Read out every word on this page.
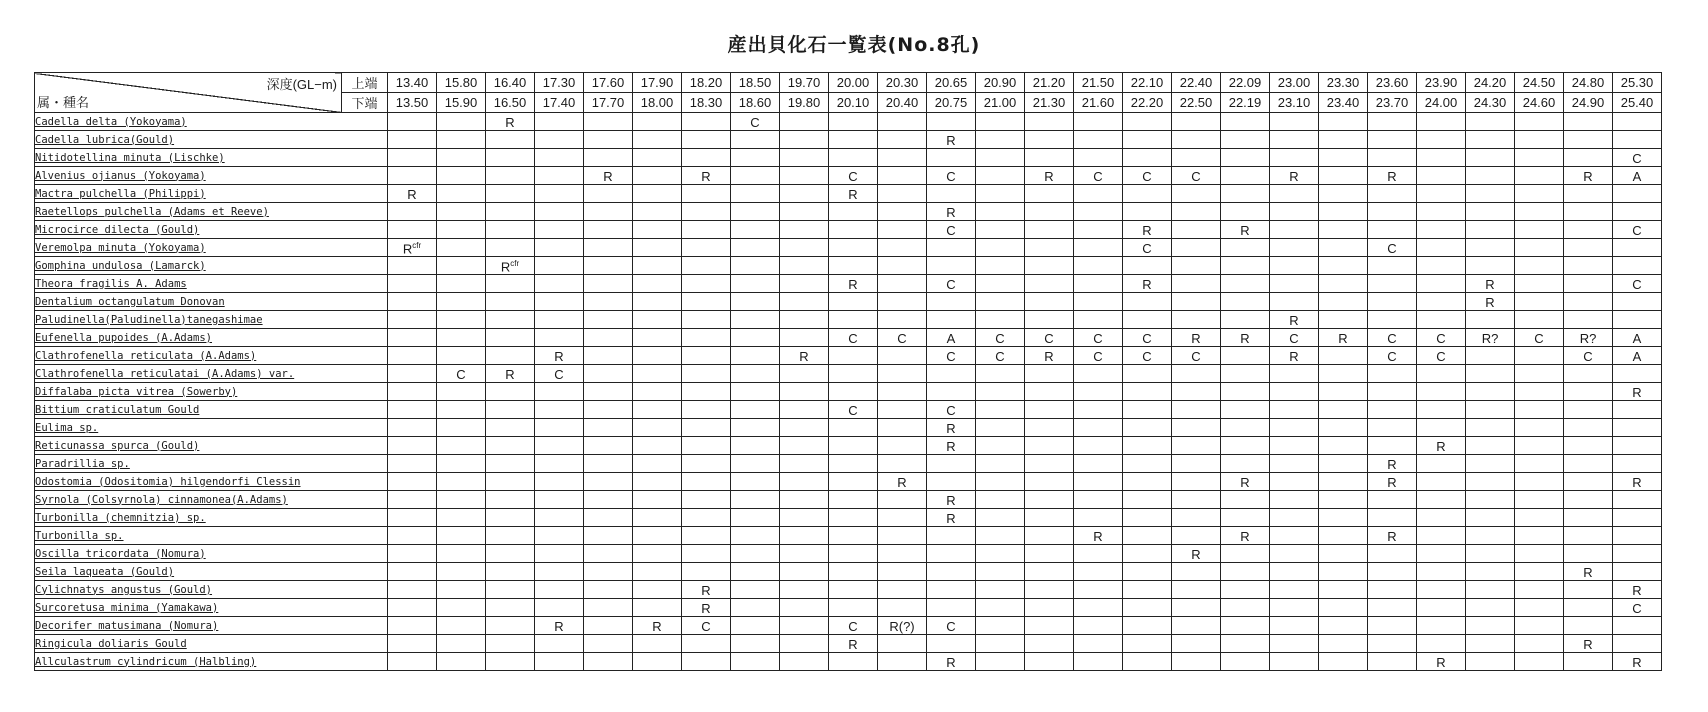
産出貝化石一覧表(No.8孔)
深度(GL−m)
属・種名	上端	13.40	15.80	16.40	17.30	17.60	17.90	18.20	18.50	19.70	20.00	20.30	20.65	20.90	21.20	21.50	22.10	22.40	22.09	23.00	23.30	23.60	23.90	24.20	24.50	24.80	25.30
	下端	13.50	15.90	16.50	17.40	17.70	18.00	18.30	18.60	19.80	20.10	20.40	20.75	21.00	21.30	21.60	22.20	22.50	22.19	23.10	23.40	23.70	24.00	24.30	24.60	24.90	25.40
Cadella delta (Yokoyama)				R					C																		
Cadella lubrica(Gould)													R														
Nitidotellina minuta (Lischke)																											C
Alvenius ojianus (Yokoyama)						R		R			C		C		R	C	C	C		R		R				R	A
Mactra pulchella (Philippi)		R									R																
Raetellops pulchella (Adams et Reeve)													R														
Microcirce dilecta (Gould)													C				R		R								C
Veremolpa minuta (Yokoyama)		$R^{cfr}$															C					C					
Gomphina undulosa (Lamarck)				$R^{cfr}$																							
Theora fragilis A. Adams											R		C				R							R			C
Dentalium octangulatum Donovan																								R			
Paludinella(Paludinella)tanegashimae																				R							
Eufenella pupoides (A.Adams)											C	C	A	C	C	C	C	R	R	C	R	C	C	R?	C	R?	A
Clathrofenella reticulata (A.Adams)					R					R			C	C	R	C	C	C		R		C	C			C	A
Clathrofenella reticulatai (A.Adams) var.			C	R	C																						
Diffalaba picta vitrea (Sowerby)																											R
Bittium craticulatum Gould											C		C														
Eulima sp.													R														
Reticunassa spurca (Gould)													R										R				
Paradrillia sp.																						R					
Odostomia (Odositomia) hilgendorfi Clessin												R							R			R					R
Syrnola (Colsyrnola) cinnamonea(A.Adams)													R														
Turbonilla (chemnitzia) sp.													R														
Turbonilla sp.																R			R			R					
Oscilla tricordata (Nomura)																		R									
Seila laqueata (Gould)																										R	
Cylichnatys angustus (Gould)								R																			R
Surcoretusa minima (Yamakawa)								R																			C
Decorifer matusimana (Nomura)					R		R	C			C	R(?)	C														
Ringicula doliaris Gould											R															R	
Allculastrum cylindricum (Halbling)													R										R				R
